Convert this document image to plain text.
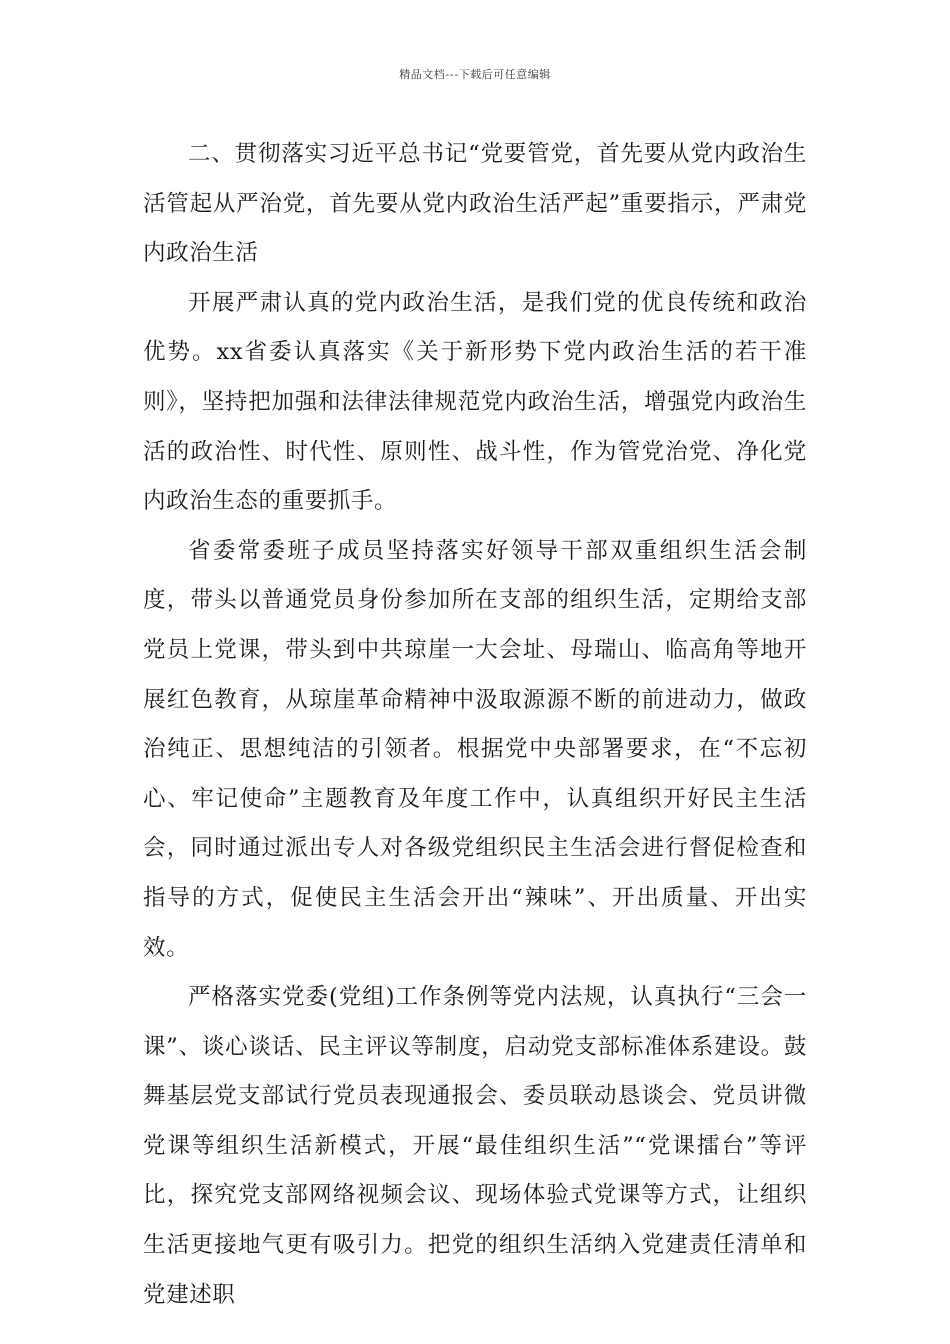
精品文档---下载后可任意编辑

二、贯彻落实习近平总书记“党要管党，首先要从党内政治生活管起从严治党，首先要从党内政治生活严起”重要指示，严肃党内政治生活

开展严肃认真的党内政治生活，是我们党的优良传统和政治优势。xx省委认真落实《关于新形势下党内政治生活的若干准则》，坚持把加强和法律法律规范党内政治生活，增强党内政治生活的政治性、时代性、原则性、战斗性，作为管党治党、净化党内政治生态的重要抓手。

省委常委班子成员坚持落实好领导干部双重组织生活会制度，带头以普通党员身份参加所在支部的组织生活，定期给支部党员上党课，带头到中共琼崖一大会址、母瑞山、临高角等地开展红色教育，从琼崖革命精神中汲取源源不断的前进动力，做政治纯正、思想纯洁的引领者。根据党中央部署要求，在“不忘初心、牢记使命”主题教育及年度工作中，认真组织开好民主生活会，同时通过派出专人对各级党组织民主生活会进行督促检查和指导的方式，促使民主生活会开出“辣味”、开出质量、开出实效。

严格落实党委(党组)工作条例等党内法规，认真执行“三会一课”、谈心谈话、民主评议等制度，启动党支部标准体系建设。鼓舞基层党支部试行党员表现通报会、委员联动恳谈会、党员讲微党课等组织生活新模式，开展“最佳组织生活”“党课擂台”等评比，探究党支部网络视频会议、现场体验式党课等方式，让组织生活更接地气更有吸引力。把党的组织生活纳入党建责任清单和党建述职
